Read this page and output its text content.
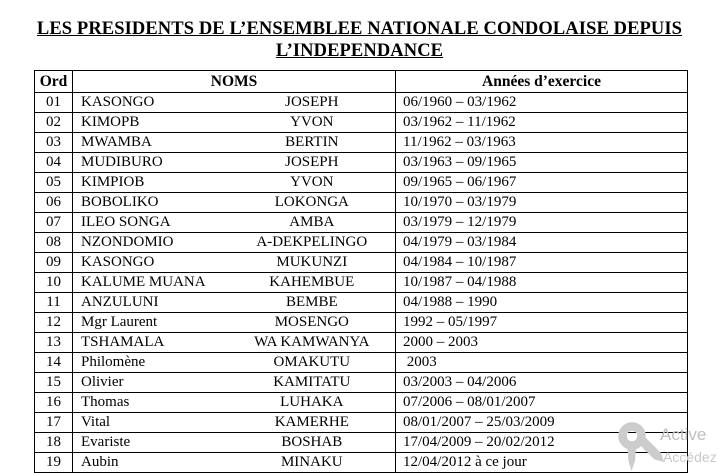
LES PRESIDENTS DE L’ENSEMBLEE NATIONALE CONDOLAISE DEPUIS
L’INDEPENDANCE
Ord	NOMS	Années d’exercice
01	KASONGO JOSEPH	06/1960 – 03/1962
02	KIMOPB YVON	03/1962 – 11/1962
03	MWAMBA BERTIN	11/1962 – 03/1963
04	MUDIBURO JOSEPH	03/1963 – 09/1965
05	KIMPIOB YVON	09/1965 – 06/1967
06	BOBOLIKO LOKONGA	10/1970 – 03/1979
07	ILEO SONGA AMBA	03/1979 – 12/1979
08	NZONDOMIO A-DEKPELINGO	04/1979 – 03/1984
09	KASONGO MUKUNZI	04/1984 – 10/1987
10	KALUME MUANA KAHEMBUE	10/1987 – 04/1988
11	ANZULUNI BEMBE	04/1988 – 1990
12	Mgr Laurent MOSENGO	1992 – 05/1997
13	TSHAMALA WA KAMWANYA	2000 – 2003
14	Philomène OMAKUTU	2003
15	Olivier KAMITATU	03/2003 – 04/2006
16	Thomas LUHAKA	07/2006 – 08/01/2007
17	Vital KAMERHE	08/01/2007 – 25/03/2009
18	Evariste BOSHAB	17/04/2009 – 20/02/2012
19	Aubin MINAKU	12/04/2012 à ce jour
Active
Accédez
